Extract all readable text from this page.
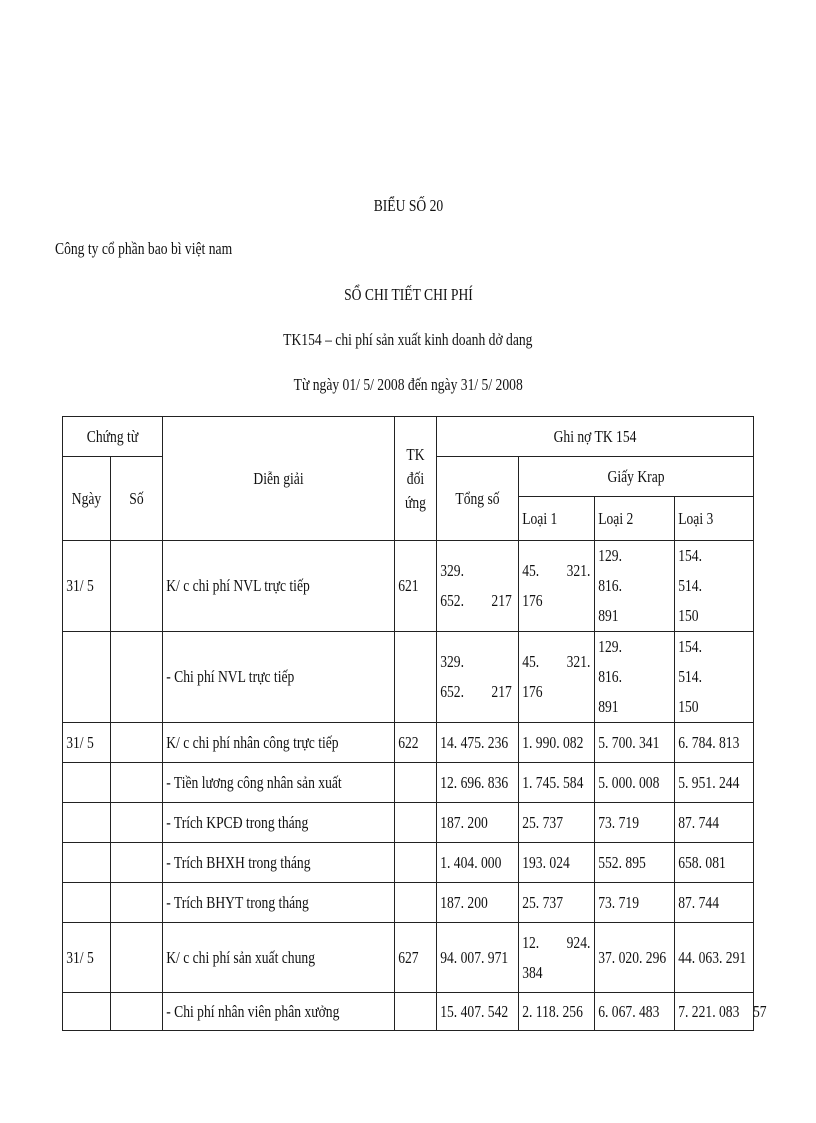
BIỂU SỐ 20
Công ty cổ phần bao bì việt nam
SỔ CHI TIẾT CHI PHÍ
TK154 – chi phí sản xuất kinh doanh dở dang
Từ ngày 01/ 5/ 2008 đến ngày 31/ 5/ 2008
Chứng từ		Diễn giải	TK
đối
ứng	Ghi nợ TK 154			

Ngày	Số			Tổng số	Giấy Krap		

					Loại 1	Loại 2	Loại 3

31/ 5		K/ c chi phí NVL trực tiếp	621	329. 652. 217	45. 321. 176	129. 816. 891	154. 514. 150

		- Chi phí NVL trực tiếp		329. 652. 217	45. 321. 176	129. 816. 891	154. 514. 150

31/ 5		K/ c chi phí nhân công trực tiếp	622	14. 475. 236	1. 990. 082	5. 700. 341	6. 784. 813

		- Tiền lương công nhân sản xuất		12. 696. 836	1. 745. 584	5. 000. 008	5. 951. 244

		- Trích KPCĐ trong tháng		187. 200	25. 737	73. 719	87. 744

		- Trích BHXH trong tháng		1. 404. 000	193. 024	552. 895	658. 081

		- Trích BHYT trong tháng		187. 200	25. 737	73. 719	87. 744

31/ 5		K/ c chi phí sản xuất chung	627	94. 007. 971	12. 924. 384	37. 020. 296	44. 063. 291

		- Chi phí nhân viên phân xưởng		15. 407. 542	2. 118. 256	6. 067. 483	7. 221. 083 57
